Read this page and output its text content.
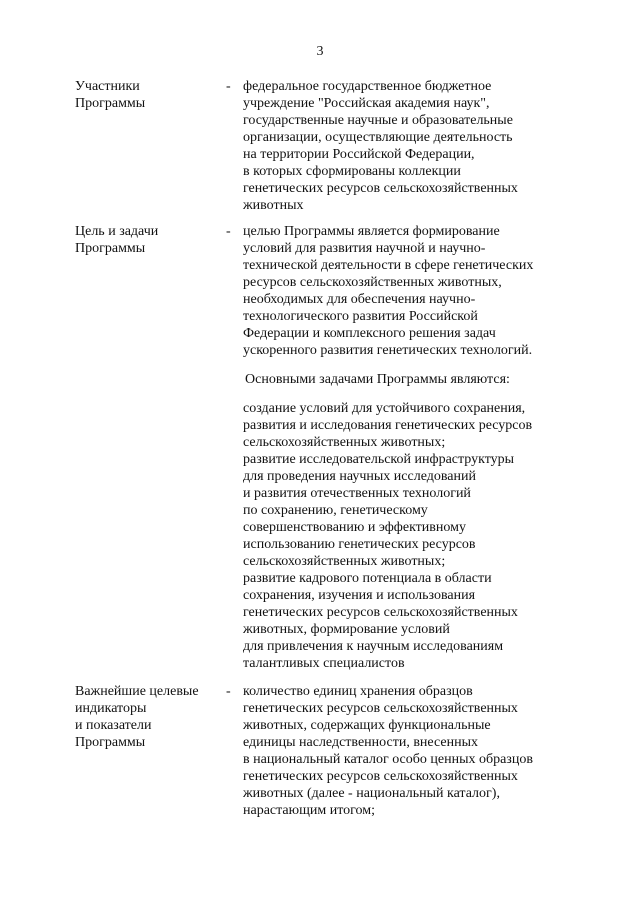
3
Участники
Программы
- федеральное государственное бюджетное
учреждение "Российская академия наук",
государственные научные и образовательные
организации, осуществляющие деятельность
на территории Российской Федерации,
в которых сформированы коллекции
генетических ресурсов сельскохозяйственных
животных
Цель и задачи
Программы
- целью Программы является формирование
условий для развития научной и научно-
технической деятельности в сфере генетических
ресурсов сельскохозяйственных животных,
необходимых для обеспечения научно-
технологического развития Российской
Федерации и комплексного решения задач
ускоренного развития генетических технологий.
Основными задачами Программы являются:
создание условий для устойчивого сохранения,
развития и исследования генетических ресурсов
сельскохозяйственных животных;
развитие исследовательской инфраструктуры
для проведения научных исследований
и развития отечественных технологий
по сохранению, генетическому
совершенствованию и эффективному
использованию генетических ресурсов
сельскохозяйственных животных;
развитие кадрового потенциала в области
сохранения, изучения и использования
генетических ресурсов сельскохозяйственных
животных, формирование условий
для привлечения к научным исследованиям
талантливых специалистов
Важнейшие целевые
индикаторы
и показатели
Программы
- количество единиц хранения образцов
генетических ресурсов сельскохозяйственных
животных, содержащих функциональные
единицы наследственности, внесенных
в национальный каталог особо ценных образцов
генетических ресурсов сельскохозяйственных
животных (далее - национальный каталог),
нарастающим итогом;
